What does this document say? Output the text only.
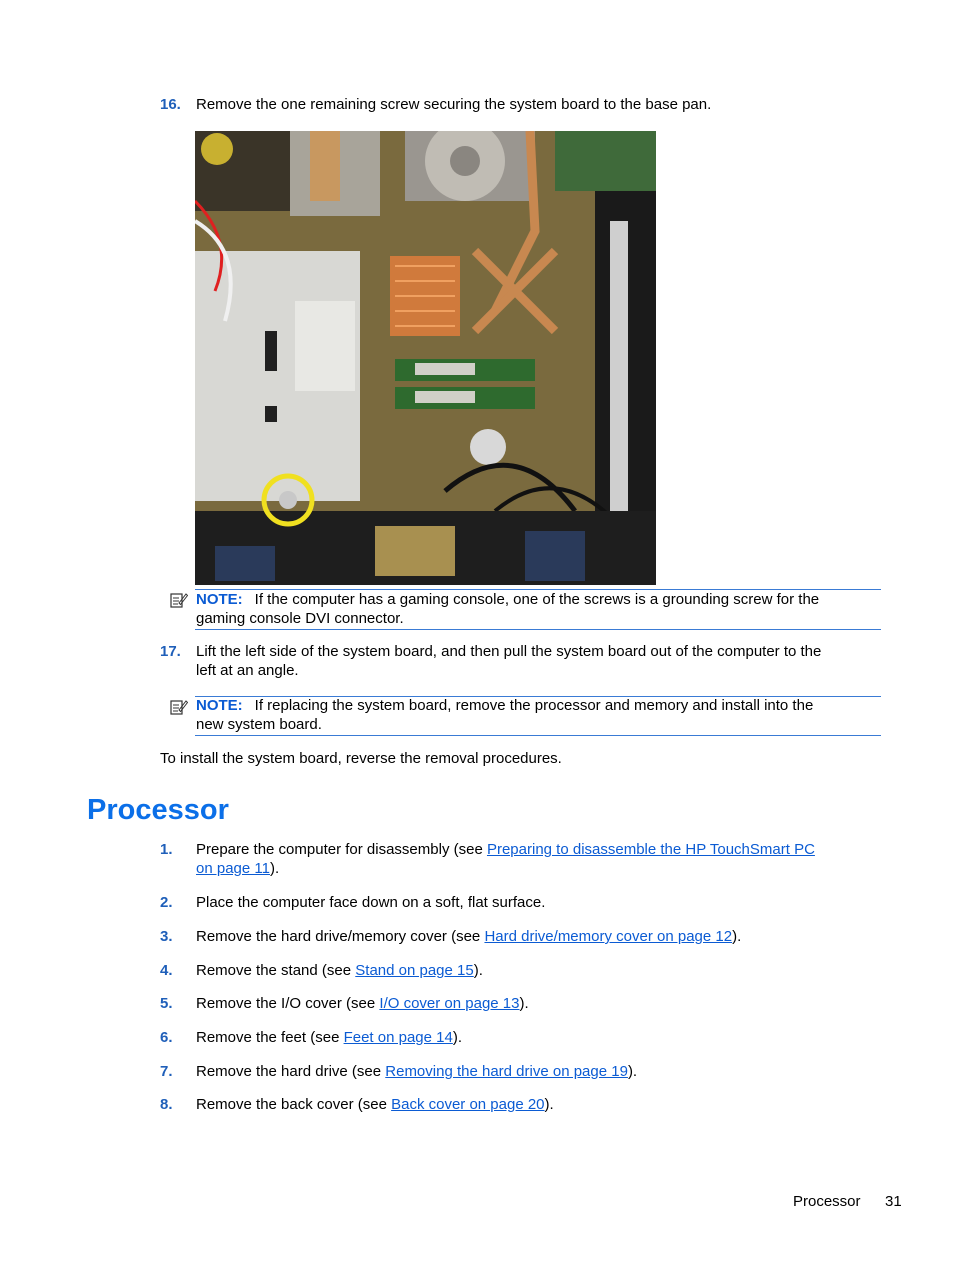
16. Remove the one remaining screw securing the system board to the base pan.
NOTE: If the computer has a gaming console, one of the screws is a grounding screw for the
gaming console DVI connector.
17. Lift the left side of the system board, and then pull the system board out of the computer to the
left at an angle.
NOTE: If replacing the system board, remove the processor and memory and install into the
new system board.
To install the system board, reverse the removal procedures.
Processor
1. Prepare the computer for disassembly (see Preparing to disassemble the HP TouchSmart PC
on page 11).
2. Place the computer face down on a soft, flat surface.
3. Remove the hard drive/memory cover (see Hard drive/memory cover on page 12).
4. Remove the stand (see Stand on page 15).
5. Remove the I/O cover (see I/O cover on page 13).
6. Remove the feet (see Feet on page 14).
7. Remove the hard drive (see Removing the hard drive on page 19).
8. Remove the back cover (see Back cover on page 20).
Processor 31
